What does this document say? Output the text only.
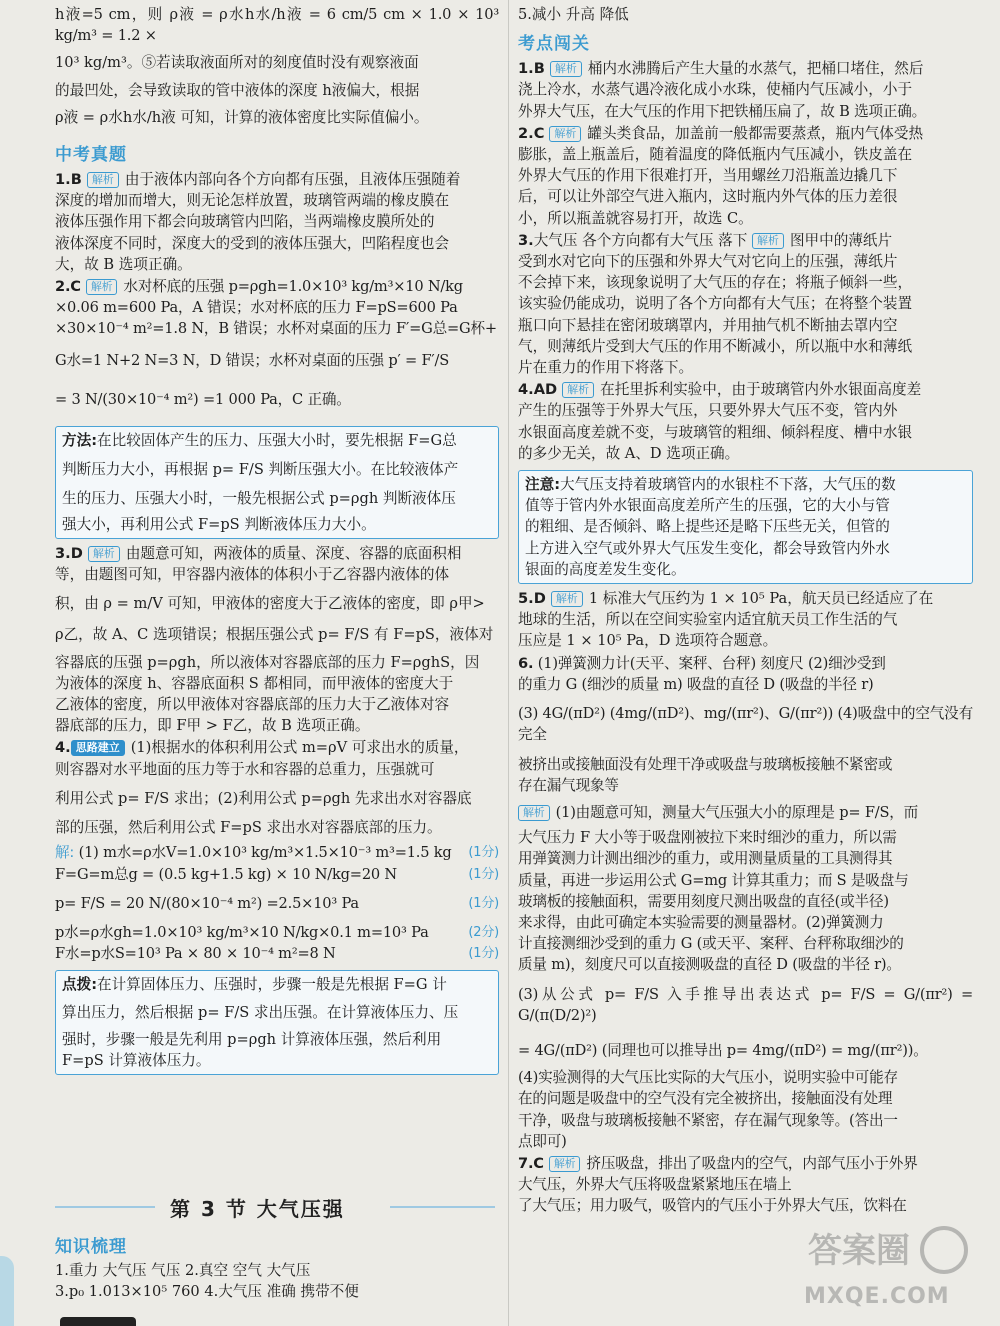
h液=5 cm，则 ρ液 = ρ水h水/h液 = 6 cm/5 cm × 1.0 × 10³ kg/m³ = 1.2 ×

10³ kg/m³。⑤若读取液面所对的刻度值时没有观察液面

的最凹处，会导致读取的管中液体的深度 h液偏大，根据

ρ液 = ρ水h水/h液 可知，计算的液体密度比实际值偏小。

中考真题

1.B 解析 由于液体内部向各个方向都有压强，且液体压强随着

深度的增加而增大，则无论怎样放置，玻璃管两端的橡皮膜在

液体压强作用下都会向玻璃管内凹陷，当两端橡皮膜所处的

液体深度不同时，深度大的受到的液体压强大，凹陷程度也会

大，故 B 选项正确。

2.C 解析 水对杯底的压强 p=ρgh=1.0×10³ kg/m³×10 N/kg

×0.06 m=600 Pa，A 错误；水对杯底的压力 F=pS=600 Pa

×30×10⁻⁴ m²=1.8 N，B 错误；水杯对桌面的压力 F′=G总=G杯+

G水=1 N+2 N=3 N，D 错误；水杯对桌面的压强 p′ = F′/S

= 3 N/(30×10⁻⁴ m²) =1 000 Pa，C 正确。

方法:在比较固体产生的压力、压强大小时，要先根据 F=G总

判断压力大小，再根据 p= F/S 判断压强大小。在比较液体产

生的压力、压强大小时，一般先根据公式 p=ρgh 判断液体压

强大小，再利用公式 F=pS 判断液体压力大小。

3.D 解析 由题意可知，两液体的质量、深度、容器的底面积相

等，由题图可知，甲容器内液体的体积小于乙容器内液体的体

积，由 ρ = m/V 可知，甲液体的密度大于乙液体的密度，即 ρ甲>

ρ乙，故 A、C 选项错误；根据压强公式 p= F/S 有 F=pS，液体对

容器底的压强 p=ρgh，所以液体对容器底部的压力 F=ρghS，因

为液体的深度 h、容器底面积 S 都相同，而甲液体的密度大于

乙液体的密度，所以甲液体对容器底部的压力大于乙液体对容

器底部的压力，即 F甲 > F乙，故 B 选项正确。

4. 思路建立 (1)根据水的体积利用公式 m=ρV 可求出水的质量，

则容器对水平地面的压力等于水和容器的总重力，压强就可

利用公式 p= F/S 求出；(2)利用公式 p=ρgh 先求出水对容器底

部的压强，然后利用公式 F=pS 求出水对容器底部的压力。

解: (1) m水=ρ水V=1.0×10³ kg/m³×1.5×10⁻³ m³=1.5 kg (1分)

F=G=m总g = (0.5 kg+1.5 kg) × 10 N/kg=20 N	(1分)

p= F/S = 20 N/(80×10⁻⁴ m²) =2.5×10³ Pa	(1分)

p水=ρ水gh=1.0×10³ kg/m³×10 N/kg×0.1 m=10³ Pa	(2分)

F水=p水S=10³ Pa × 80 × 10⁻⁴ m²=8 N	(1分)

点拨:在计算固体压力、压强时，步骤一般是先根据 F=G 计

算出压力，然后根据 p= F/S 求出压强。在计算液体压力、压

强时，步骤一般是先利用 p=ρgh 计算液体压强，然后利用

F=pS 计算液体压力。

第 3 节 大气压强
知识梳理

1.重力 大气压 气压 2.真空 空气 大气压

3.p₀ 1.013×10⁵ 760 4.大气压 准确 携带不便

5.减小 升高 降低

考点闯关

1.B 解析 桶内水沸腾后产生大量的水蒸气，把桶口堵住，然后

浇上冷水，水蒸气遇冷液化成小水珠，使桶内气压减小，小于

外界大气压，在大气压的作用下把铁桶压扁了，故 B 选项正确。

2.C 解析 罐头类食品，加盖前一般都需要蒸煮，瓶内气体受热

膨胀，盖上瓶盖后，随着温度的降低瓶内气压减小，铁皮盖在

外界大气压的作用下很难打开，当用螺丝刀沿瓶盖边撬几下

后，可以让外部空气进入瓶内，这时瓶内外气体的压力差很

小，所以瓶盖就容易打开，故选 C。

3.大气压 各个方向都有大气压 落下 解析 图甲中的薄纸片

受到水对它向下的压强和外界大气对它向上的压强，薄纸片

不会掉下来，该现象说明了大气压的存在；将瓶子倾斜一些，

该实验仍能成功，说明了各个方向都有大气压；在将整个装置

瓶口向下悬挂在密闭玻璃罩内，并用抽气机不断抽去罩内空

气，则薄纸片受到大气压的作用不断减小，所以瓶中水和薄纸

片在重力的作用下将落下。

4.AD 解析 在托里拆利实验中，由于玻璃管内外水银面高度差

产生的压强等于外界大气压，只要外界大气压不变，管内外

水银面高度差就不变，与玻璃管的粗细、倾斜程度、槽中水银

的多少无关，故 A、D 选项正确。

注意:大气压支持着玻璃管内的水银柱不下落，大气压的数

值等于管内外水银面高度差所产生的压强，它的大小与管

的粗细、是否倾斜、略上提些还是略下压些无关，但管的

上方进入空气或外界大气压发生变化，都会导致管内外水

银面的高度差发生变化。

5.D 解析 1 标准大气压约为 1 × 10⁵ Pa，航天员已经适应了在

地球的生活，所以在空间实验室内适宜航天员工作生活的气

压应是 1 × 10⁵ Pa，D 选项符合题意。

6. (1)弹簧测力计(天平、案秤、台秤) 刻度尺 (2)细沙受到

的重力 G (细沙的质量 m) 吸盘的直径 D (吸盘的半径 r)

(3) 4G/(πD²) (4mg/(πD²)、mg/(πr²)、G/(πr²)) (4)吸盘中的空气没有完全

被挤出或接触面没有处理干净或吸盘与玻璃板接触不紧密或

存在漏气现象等

解析 (1)由题意可知，测量大气压强大小的原理是 p= F/S，而

大气压力 F 大小等于吸盘刚被拉下来时细沙的重力，所以需

用弹簧测力计测出细沙的重力，或用测量质量的工具测得其

质量，再进一步运用公式 G=mg 计算其重力；而 S 是吸盘与

玻璃板的接触面积，需要用刻度尺测出吸盘的直径(或半径)

来求得，由此可确定本实验需要的测量器材。(2)弹簧测力

计直接测细沙受到的重力 G (或天平、案秤、台秤称取细沙的

质量 m)，刻度尺可以直接测吸盘的直径 D (吸盘的半径 r)。

(3)从公式 p= F/S 入手推导出表达式 p= F/S = G/(πr²) = G/(π(D/2)²)

= 4G/(πD²) (同理也可以推导出 p= 4mg/(πD²) = mg/(πr²))。

(4)实验测得的大气压比实际的大气压小，说明实验中可能存

在的问题是吸盘中的空气没有完全被挤出，接触面没有处理

干净，吸盘与玻璃板接触不紧密，存在漏气现象等。(答出一

点即可)

7.C 解析 挤压吸盘，排出了吸盘内的空气，内部气压小于外界

大气压，外界大气压将吸盘紧紧地压在墙上

了大气压；用力吸气，吸管内的气压小于外界大气压，饮料在

答案圈
MXQE.COM
